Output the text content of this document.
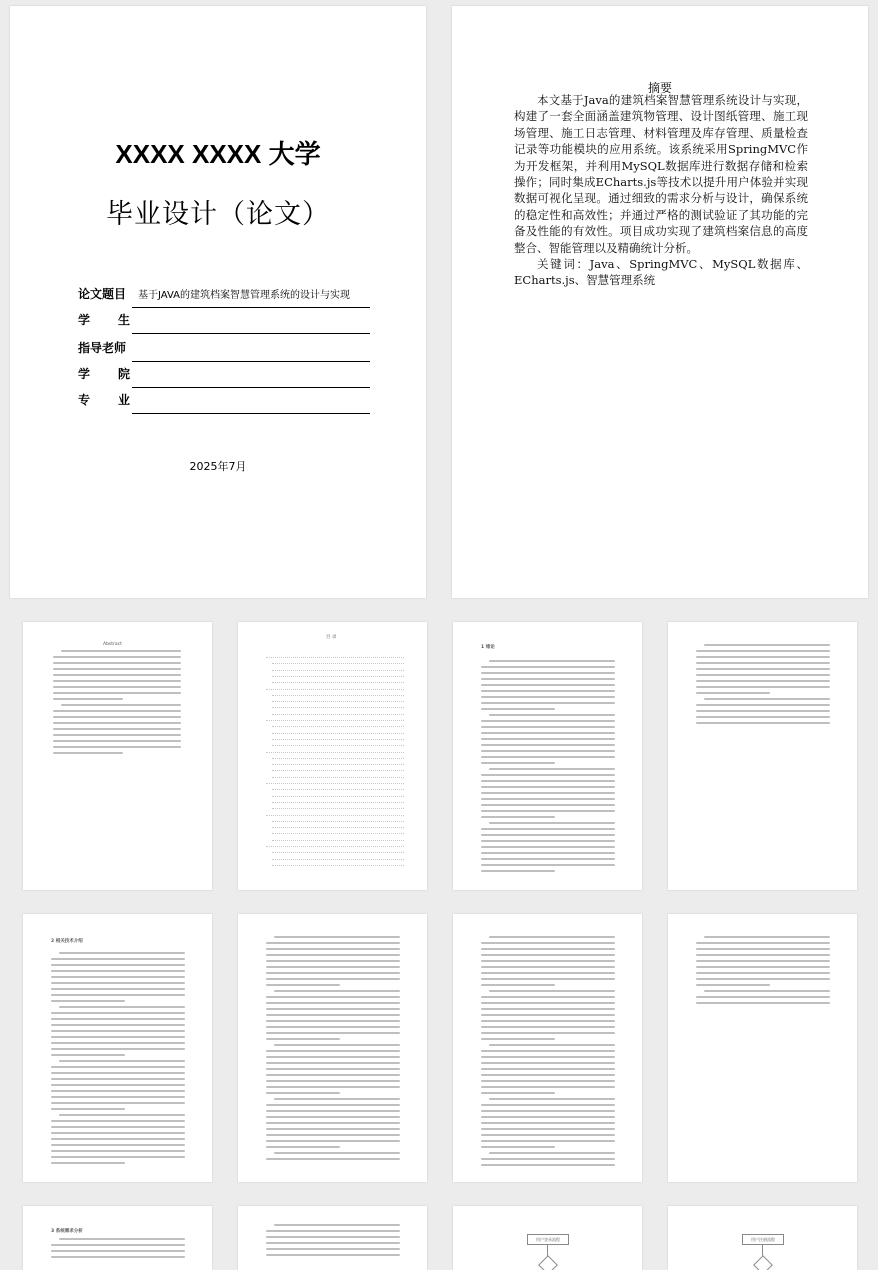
XXXX XXXX 大学
毕业设计（论文）
论文题目	基于JAVA的建筑档案智慧管理系统的设计与实现
学 生
指导老师
学 院
专 业
2025年7月
摘要

本文基于Java的建筑档案智慧管理系统设计与实现，构建了一套全面涵盖建筑物管理、设计图纸管理、施工现场管理、施工日志管理、材料管理及库存管理、质量检查记录等功能模块的应用系统。该系统采用SpringMVC作为开发框架，并利用MySQL数据库进行数据存储和检索操作；同时集成ECharts.js等技术以提升用户体验并实现数据可视化呈现。通过细致的需求分析与设计，确保系统的稳定性和高效性；并通过严格的测试验证了其功能的完备及性能的有效性。项目成功实现了建筑档案信息的高度整合、智能管理以及精确统计分析。

关键词：Java、SpringMVC、MySQL数据库、ECharts.js、智慧管理系统

Abstract
目 录
1 绪论
2 相关技术介绍
3 系统需求分析
用户登录流程	用户注册流程
